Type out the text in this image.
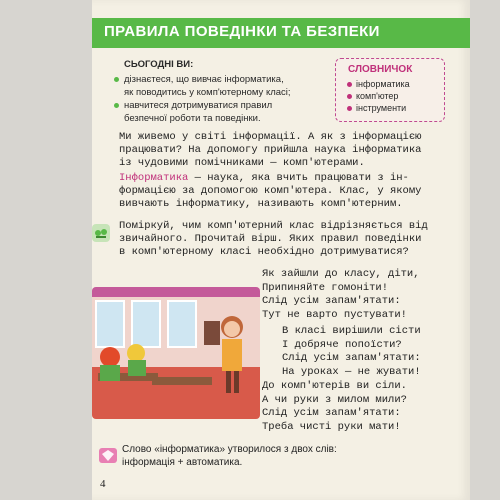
ПРАВИЛА ПОВЕДІНКИ ТА БЕЗПЕКИ
СЬОГОДНІ ВИ:
дізнаєтеся, що вивчає інформатика,
як поводитись у комп'ютерному класі;
навчитеся дотримуватися правил
безпечної роботи та поведінки.
СЛОВНИЧОК
інформатика
комп'ютер
інструменти
Ми живемо у світі інформації. А як з інформацією
працювати? На допомогу прийшла наука інформатика
із чудовими помічниками — комп'ютерами.
Інформатика — наука, яка вчить працювати з ін-
формацією за допомогою комп'ютера. Клас, у якому
вивчають інформатику, називають комп'ютерним.
Поміркуй, чим комп'ютерний клас відрізняється від
звичайного. Прочитай вірш. Яких правил поведінки
в комп'ютерному класі необхідно дотримуватися?
Як зайшли до класу, діти,
Припиняйте гомоніти!
Слід усім запам'ятати:
Тут не варто пустувати!
В класі вирішили сісти
І добряче попоїсти?
Слід усім запам'ятати:
На уроках — не жувати!
До комп'ютерів ви сіли.
А чи руки з милом мили?
Слід усім запам'ятати:
Треба чисті руки мати!
Слово «інформатика» утворилося з двох слів:
інформація + автоматика.
4
